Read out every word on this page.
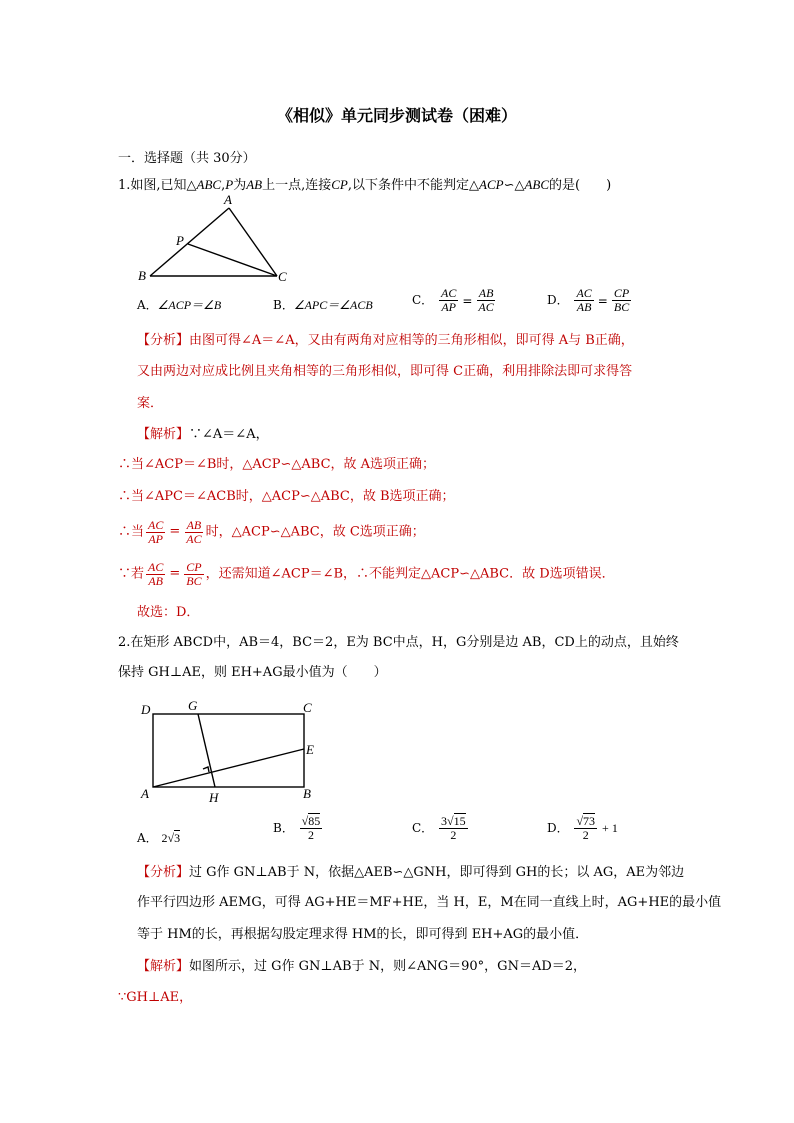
《相似》单元同步测试卷（困难）
一．选择题（共 30分）
1.如图,已知△ABC,P为AB上一点,连接CP,以下条件中不能判定△ACP∽△ABC的是(　　)
A
P
B	C
A．∠ACP＝∠B	B．∠APC＝∠ACB	C． $\frac{AC}{AP} = \frac{AB}{AC}$	D． $\frac{AC}{AB} = \frac{CP}{BC}$
【分析】由图可得∠A＝∠A，又由有两角对应相等的三角形相似，即可得 A与 B正确，
又由两边对应成比例且夹角相等的三角形相似，即可得 C正确，利用排除法即可求得答
案．
【解析】∵∠A＝∠A，
∴当∠ACP＝∠B时，△ACP∽△ABC，故 A选项正确；
∴当∠APC＝∠ACB时，△ACP∽△ABC，故 B选项正确；
∴当 $\frac{AC}{AP} = \frac{AB}{AC}$ 时，△ACP∽△ABC，故 C选项正确；
∵若 $\frac{AC}{AB} = \frac{CP}{BC}$ ，还需知道∠ACP＝∠B，∴不能判定△ACP∽△ABC．故 D选项错误．
故选：D．
2.在矩形 ABCD中，AB＝4，BC＝2，E为 BC中点，H，G分别是边 AB，CD上的动点，且始终
保持 GH⊥AE，则 EH+AG最小值为（　　）
D	G	C
E
A	H	B
A． 2√3
B． $\frac{√85}{2}$	C． $\frac{3√15}{2}$	D． $\frac{√73}{2} + 1$
【分析】过 G作 GN⊥AB于 N，依据△AEB∽△GNH，即可得到 GH的长；以 AG，AE为邻边
作平行四边形 AEMG，可得 AG+HE＝MF+HE，当 H，E，M在同一直线上时，AG+HE的最小值
等于 HM的长，再根据勾股定理求得 HM的长，即可得到 EH+AG的最小值．
【解析】如图所示，过 G作 GN⊥AB于 N，则∠ANG＝90°，GN＝AD＝2，
∵GH⊥AE，
